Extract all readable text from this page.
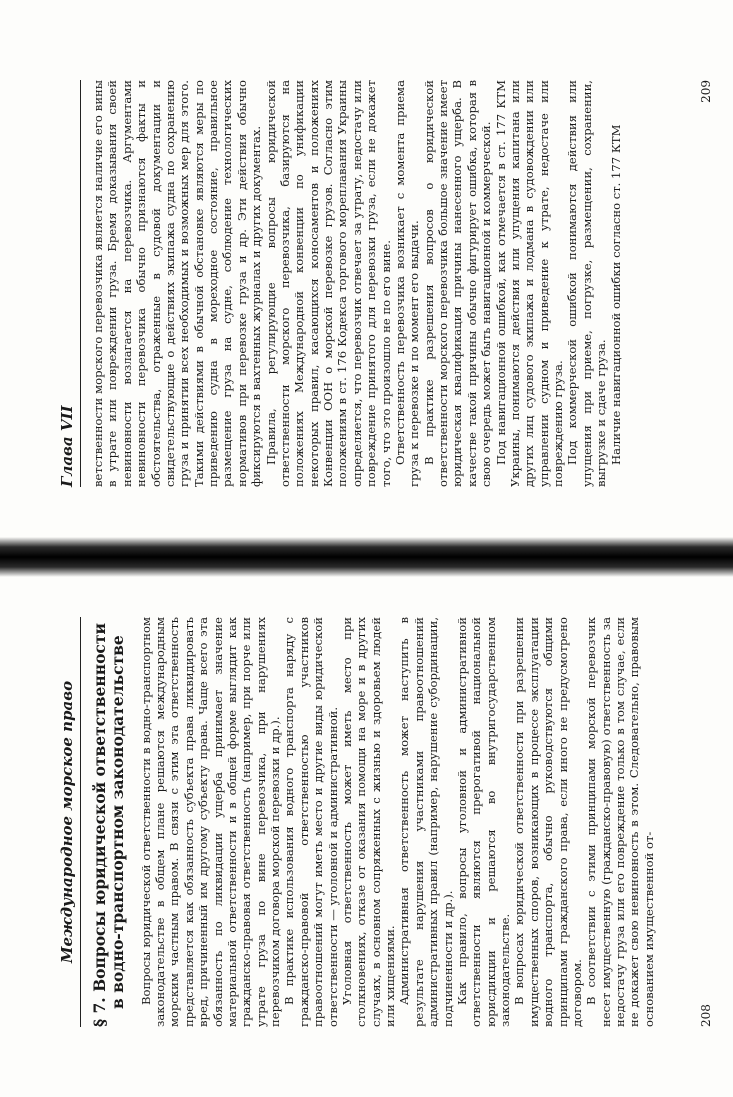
Международное морское право § 7. Вопросы юридической ответственности
в водно-транспортном законодательстве Вопросы юридической ответственности в водно-транспортном законодательстве в общем плане решаются международным морским частным правом. В связи с этим эта ответственность представляется как обязанность субъекта права ликвидировать вред, причиненный им другому субъекту права. Чаще всего эта обязанность по ликвидации ущерба принимает значение материальной ответственности и в общей форме выглядит как гражданско-правовая ответственность (например, при порче или утрате груза по вине перевозчика, при нарушениях перевозчиком договора морской перевозки и др.). В практике использования водного транспорта наряду с гражданско-правовой ответственностью участников правоотношений могут иметь место и другие виды юридической ответственности — уголовной и административной. Уголовная ответственность может иметь место при столкновениях, отказе от оказания помощи на море и в других случаях, в основном сопряженных с жизнью и здоровьем людей или хищениями. Административная ответственность может наступить в результате нарушения участниками правоотношений административных правил (например, нарушение субординации, подчиненности и др.). Как правило, вопросы уголовной и административной ответственности являются прерогативой национальной юрисдикции и решаются во внутригосударственном законодательстве. В вопросах юридической ответственности при разрешении имущественных споров, возникающих в процессе эксплуатации водного транспорта, обычно руководствуются общими принципами гражданского права, если иного не предусмотрено договором. В соответствии с этими принципами морской перевозчик несет имущественную (гражданско-правовую) ответственность за недостачу груза или его повреждение только в том случае, если не докажет свою невиновность в этом. Следовательно, правовым основанием имущественной от-	208
Глава VII	ветственности морского перевозчика является наличие его вины в утрате или повреждении груза. Бремя доказывания своей невиновности возлагается на перевозчика. Аргументами невиновности перевозчика обычно признаются факты и обстоятельства, отраженные в судовой документации и свидетельствующие о действиях экипажа судна по сохранению груза и принятии всех необходимых и возможных мер для этого. Такими действиями в обычной обстановке являются меры по приведению судна в мореходное состояние, правильное размещение груза на судне, соблюдение технологических нормативов при перевозке груза и др. Эти действия обычно фиксируются в вахтенных журналах и других документах. Правила, регулирующие вопросы юридической ответственности морского перевозчика, базируются на положениях Международной конвенции по унификации некоторых правил, касающихся коносаментов и положениях Конвенции ООН о морской перевозке грузов. Согласно этим положениям в ст. 176 Кодекса торгового мореплавания Украины определяется, что перевозчик отвечает за утрату, недостачу или повреждение принятого для перевозки груза, если не докажет того, что это произошло не по его вине. Ответственность перевозчика возникает с момента приема груза к перевозке и по момент его выдачи. В практике разрешения вопросов о юридической ответственности морского перевозчика большое значение имеет юридическая квалификация причины нанесенного ущерба. В качестве такой причины обычно фигурирует ошибка, которая в свою очередь может быть навигационной и коммерческой. Под навигационной ошибкой, как отмечается в ст. 177 КТМ Украины, понимаются действия или упущения капитана или других лиц судового экипажа и лодмана в судовождении или управлении судном и приведение к утрате, недостаче или повреждению груза. Под коммерческой ошибкой понимаются действия или упущения при приеме, погрузке, размещении, сохранении, выгрузке и сдаче груза. Наличие навигационной ошибки согласно ст. 177 КТМ

209
